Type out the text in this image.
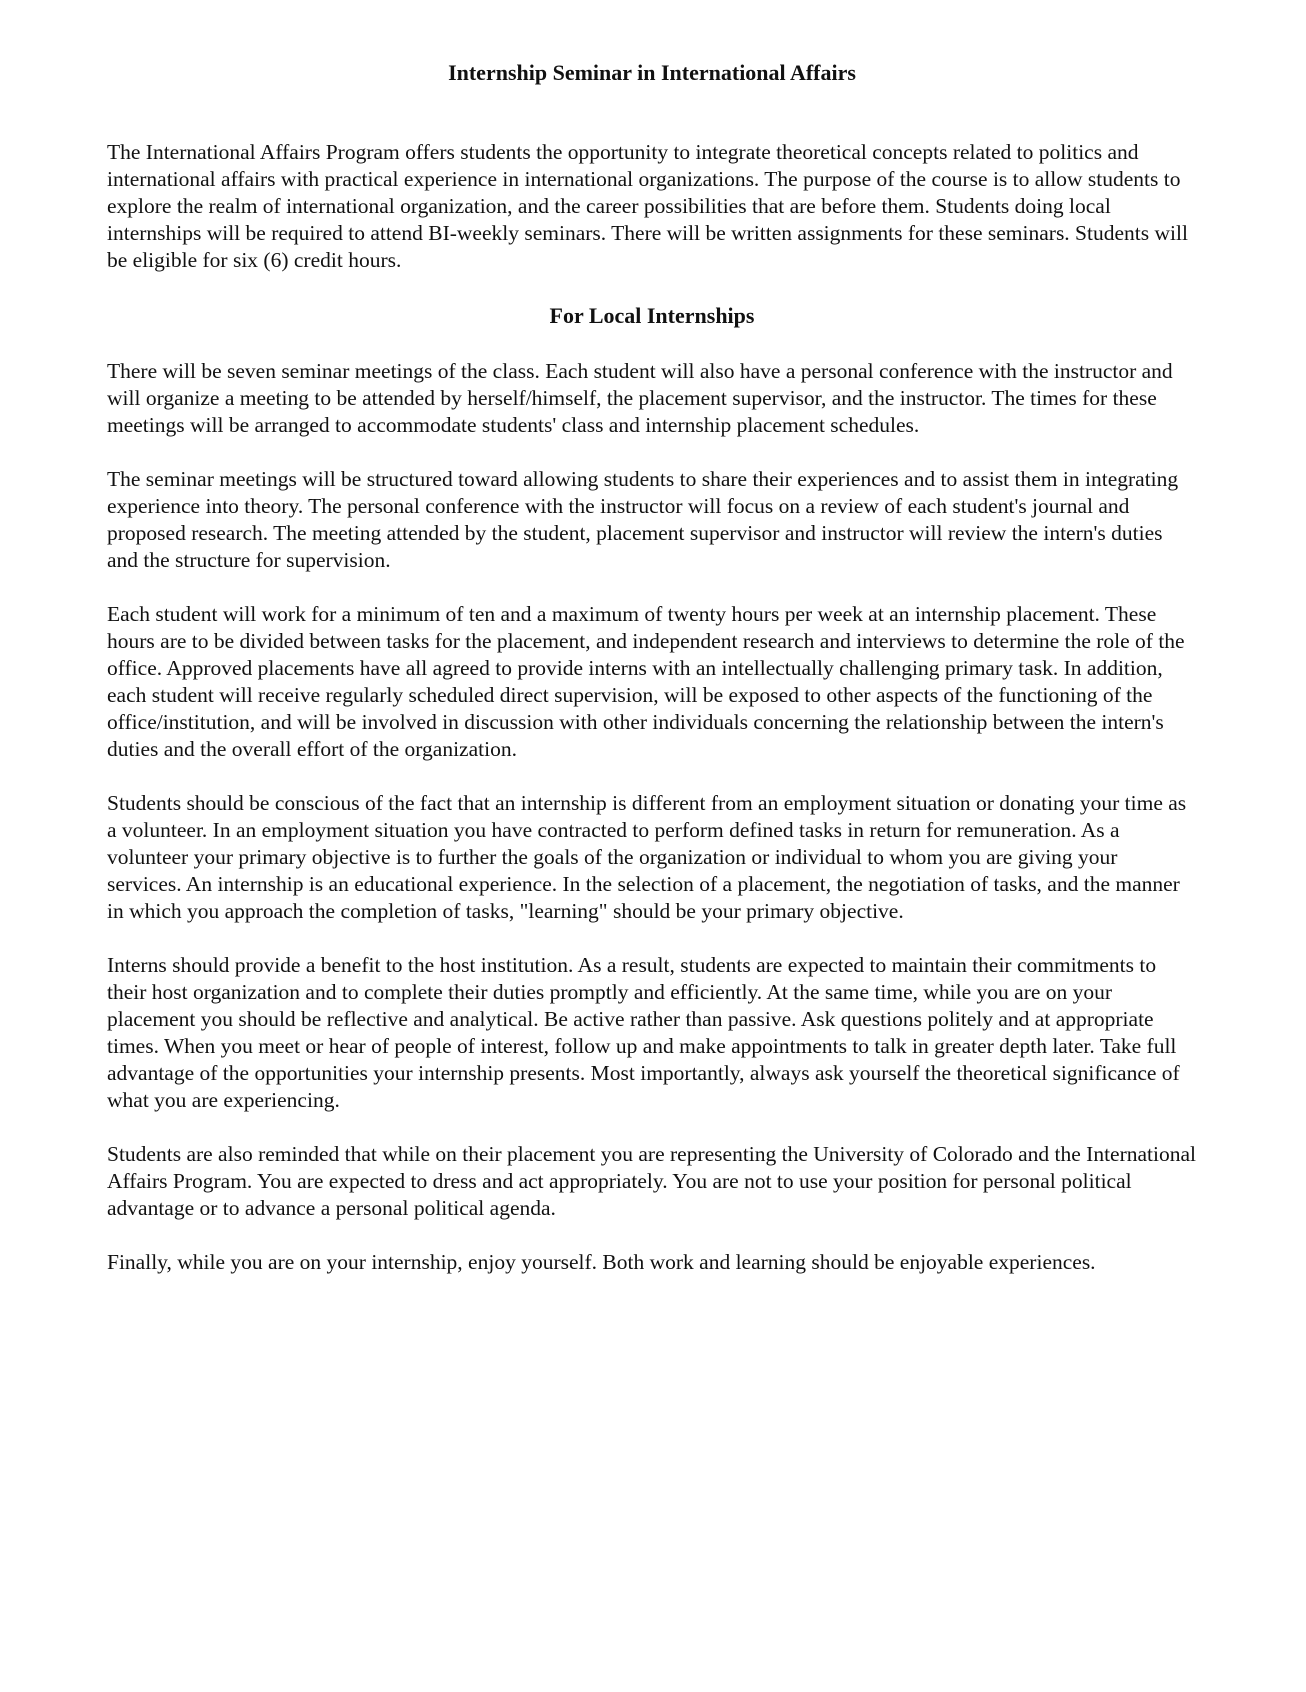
Internship Seminar in International Affairs

The International Affairs Program offers students the opportunity to integrate theoretical concepts related to politics and international affairs with practical experience in international organizations. The purpose of the course is to allow students to explore the realm of international organization, and the career possibilities that are before them. Students doing local internships will be required to attend BI-weekly seminars. There will be written assignments for these seminars. Students will be eligible for six (6) credit hours.

For Local Internships

There will be seven seminar meetings of the class. Each student will also have a personal conference with the instructor and will organize a meeting to be attended by herself/himself, the placement supervisor, and the instructor. The times for these meetings will be arranged to accommodate students' class and internship placement schedules.

The seminar meetings will be structured toward allowing students to share their experiences and to assist them in integrating experience into theory. The personal conference with the instructor will focus on a review of each student's journal and proposed research. The meeting attended by the student, placement supervisor and instructor will review the intern's duties and the structure for supervision.

Each student will work for a minimum of ten and a maximum of twenty hours per week at an internship placement. These hours are to be divided between tasks for the placement, and independent research and interviews to determine the role of the office. Approved placements have all agreed to provide interns with an intellectually challenging primary task. In addition, each student will receive regularly scheduled direct supervision, will be exposed to other aspects of the functioning of the office/institution, and will be involved in discussion with other individuals concerning the relationship between the intern's duties and the overall effort of the organization.

Students should be conscious of the fact that an internship is different from an employment situation or donating your time as a volunteer. In an employment situation you have contracted to perform defined tasks in return for remuneration. As a volunteer your primary objective is to further the goals of the organization or individual to whom you are giving your services. An internship is an educational experience. In the selection of a placement, the negotiation of tasks, and the manner in which you approach the completion of tasks, "learning" should be your primary objective.

Interns should provide a benefit to the host institution. As a result, students are expected to maintain their commitments to their host organization and to complete their duties promptly and efficiently. At the same time, while you are on your placement you should be reflective and analytical. Be active rather than passive. Ask questions politely and at appropriate times. When you meet or hear of people of interest, follow up and make appointments to talk in greater depth later. Take full advantage of the opportunities your internship presents. Most importantly, always ask yourself the theoretical significance of what you are experiencing.

Students are also reminded that while on their placement you are representing the University of Colorado and the International Affairs Program. You are expected to dress and act appropriately. You are not to use your position for personal political advantage or to advance a personal political agenda.

Finally, while you are on your internship, enjoy yourself. Both work and learning should be enjoyable experiences.
